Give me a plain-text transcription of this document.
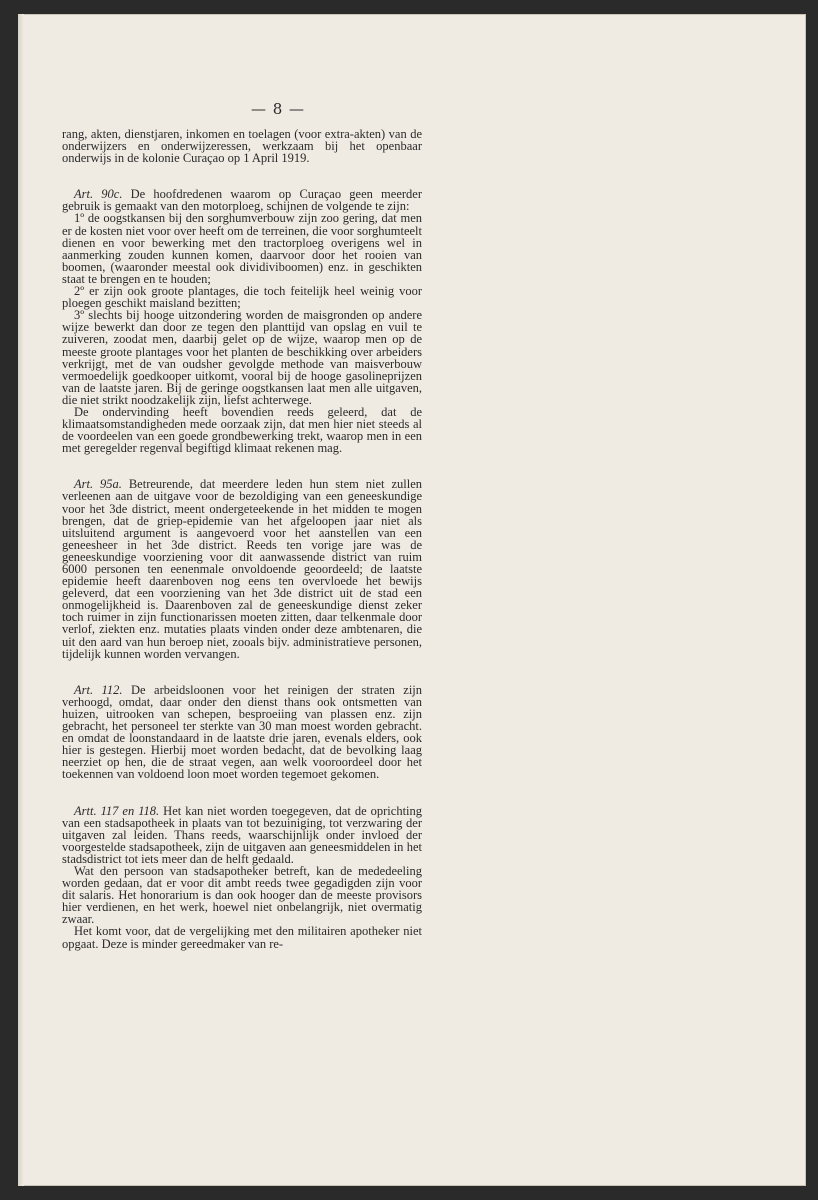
— 8 —

rang, akten, dienstjaren, inkomen en toelagen (voor extra-akten) van de onderwijzers en onderwijzeressen, werkzaam bij het openbaar onderwijs in de kolonie Curaçao op 1 April 1919.

Art. 90c. De hoofdredenen waarom op Curaçao geen meerder gebruik is gemaakt van den motorploeg, schijnen de volgende te zijn:

1º de oogstkansen bij den sorghumverbouw zijn zoo gering, dat men er de kosten niet voor over heeft om de terreinen, die voor sorghumteelt dienen en voor bewerking met den tractorploeg overigens wel in aanmerking zouden kunnen komen, daarvoor door het rooien van boomen, (waaronder meestal ook dividiviboomen) enz. in geschikten staat te brengen en te houden;

2º er zijn ook groote plantages, die toch feitelijk heel weinig voor ploegen geschikt maisland bezitten;

3º slechts bij hooge uitzondering worden de maisgronden op andere wijze bewerkt dan door ze tegen den planttijd van opslag en vuil te zuiveren, zoodat men, daarbij gelet op de wijze, waarop men op de meeste groote plantages voor het planten de beschikking over arbeiders verkrijgt, met de van oudsher gevolgde methode van maisverbouw vermoedelijk goedkooper uitkomt, vooral bij de hooge gasolineprijzen van de laatste jaren. Bij de geringe oogstkansen laat men alle uitgaven, die niet strikt noodzakelijk zijn, liefst achterwege.

De ondervinding heeft bovendien reeds geleerd, dat de klimaatsomstandigheden mede oorzaak zijn, dat men hier niet steeds al de voordeelen van een goede grondbewerking trekt, waarop men in een met geregelder regenval begiftigd klimaat rekenen mag.

Art. 95a. Betreurende, dat meerdere leden hun stem niet zullen verleenen aan de uitgave voor de bezoldiging van een geneeskundige voor het 3de district, meent ondergeteekende in het midden te mogen brengen, dat de griep-epidemie van het afgeloopen jaar niet als uitsluitend argument is aangevoerd voor het aanstellen van een geneesheer in het 3de district. Reeds ten vorige jare was de geneeskundige voorziening voor dit aanwassende district van ruim 6000 personen ten eenenmale onvoldoende geoordeeld; de laatste epidemie heeft daarenboven nog eens ten overvloede het bewijs geleverd, dat een voorziening van het 3de district uit de stad een onmogelijkheid is. Daarenboven zal de geneeskundige dienst zeker toch ruimer in zijn functionarissen moeten zitten, daar telkenmale door verlof, ziekten enz. mutaties plaats vinden onder deze ambtenaren, die uit den aard van hun beroep niet, zooals bijv. administratieve personen, tijdelijk kunnen worden vervangen.

Art. 112. De arbeidsloonen voor het reinigen der straten zijn verhoogd, omdat, daar onder den dienst thans ook ontsmetten van huizen, uitrooken van schepen, besproeiing van plassen enz. zijn gebracht, het personeel ter sterkte van 30 man moest worden gebracht. en omdat de loonstandaard in de laatste drie jaren, evenals elders, ook hier is gestegen. Hierbij moet worden bedacht, dat de bevolking laag neerziet op hen, die de straat vegen, aan welk vooroordeel door het toekennen van voldoend loon moet worden tegemoet gekomen.

Artt. 117 en 118. Het kan niet worden toegegeven, dat de oprichting van een stadsapotheek in plaats van tot bezuiniging, tot verzwaring der uitgaven zal leiden. Thans reeds, waarschijnlijk onder invloed der voorgestelde stadsapotheek, zijn de uitgaven aan geneesmiddelen in het stadsdistrict tot iets meer dan de helft gedaald.

Wat den persoon van stadsapotheker betreft, kan de mededeeling worden gedaan, dat er voor dit ambt reeds twee gegadigden zijn voor dit salaris. Het honorarium is dan ook hooger dan de meeste provisors hier verdienen, en het werk, hoewel niet onbelangrijk, niet overmatig zwaar.

Het komt voor, dat de vergelijking met den militairen apotheker niet opgaat. Deze is minder gereedmaker van re-
